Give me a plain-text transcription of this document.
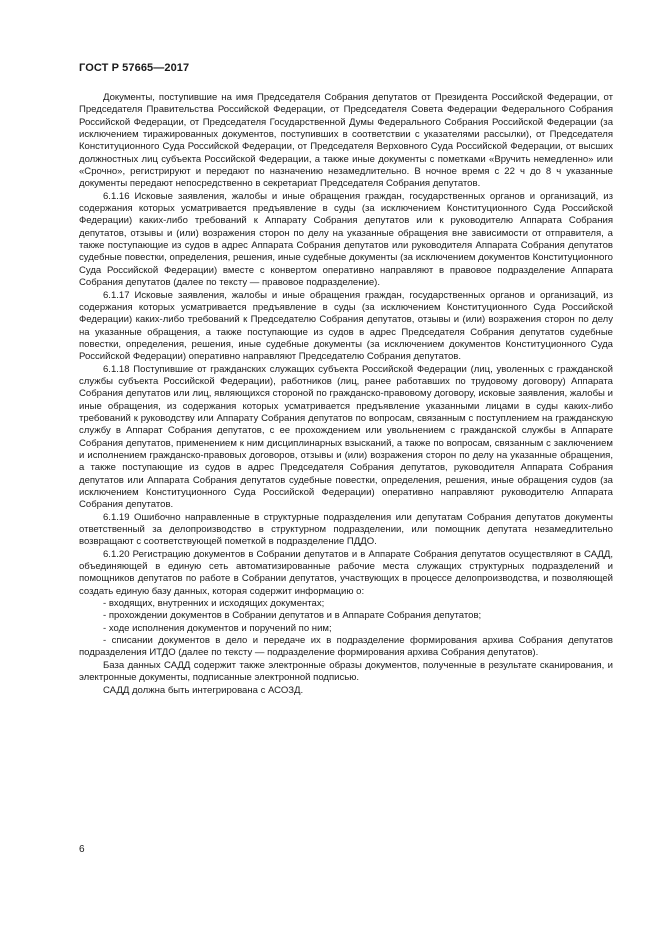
ГОСТ Р 57665—2017

Документы, поступившие на имя Председателя Собрания депутатов от Президента Российской Федерации, от Председателя Правительства Российской Федерации, от Председателя Совета Федерации Федерального Собрания Российской Федерации, от Председателя Государственной Думы Федерального Собрания Российской Федерации (за исключением тиражированных документов, поступивших в соответствии с указателями рассылки), от Председателя Конституционного Суда Российской Федерации, от Председателя Верховного Суда Российской Федерации, от высших должностных лиц субъекта Российской Федерации, а также иные документы с пометками «Вручить немедленно» или «Срочно», регистрируют и передают по назначению незамедлительно. В ночное время с 22 ч до 8 ч указанные документы передают непосредственно в секретариат Председателя Собрания депутатов.

6.1.16 Исковые заявления, жалобы и иные обращения граждан, государственных органов и организаций, из содержания которых усматривается предъявление в суды (за исключением Конституционного Суда Российской Федерации) каких-либо требований к Аппарату Собрания депутатов или к руководителю Аппарата Собрания депутатов, отзывы и (или) возражения сторон по делу на указанные обращения вне зависимости от отправителя, а также поступающие из судов в адрес Аппарата Собрания депутатов или руководителя Аппарата Собрания депутатов судебные повестки, определения, решения, иные судебные документы (за исключением документов Конституционного Суда Российской Федерации) вместе с конвертом оперативно направляют в правовое подразделение Аппарата Собрания депутатов (далее по тексту — правовое подразделение).

6.1.17 Исковые заявления, жалобы и иные обращения граждан, государственных органов и организаций, из содержания которых усматривается предъявление в суды (за исключением Конституционного Суда Российской Федерации) каких-либо требований к Председателю Собрания депутатов, отзывы и (или) возражения сторон по делу на указанные обращения, а также поступающие из судов в адрес Председателя Собрания депутатов судебные повестки, определения, решения, иные судебные документы (за исключением документов Конституционного Суда Российской Федерации) оперативно направляют Председателю Собрания депутатов.

6.1.18 Поступившие от гражданских служащих субъекта Российской Федерации (лиц, уволенных с гражданской службы субъекта Российской Федерации), работников (лиц, ранее работавших по трудовому договору) Аппарата Собрания депутатов или лиц, являющихся стороной по гражданско-правовому договору, исковые заявления, жалобы и иные обращения, из содержания которых усматривается предъявление указанными лицами в суды каких-либо требований к руководству или Аппарату Собрания депутатов по вопросам, связанным с поступлением на гражданскую службу в Аппарат Собрания депутатов, с ее прохождением или увольнением с гражданской службы в Аппарате Собрания депутатов, применением к ним дисциплинарных взысканий, а также по вопросам, связанным с заключением и исполнением гражданско-правовых договоров, отзывы и (или) возражения сторон по делу на указанные обращения, а также поступающие из судов в адрес Председателя Собрания депутатов, руководителя Аппарата Собрания депутатов или Аппарата Собрания депутатов судебные повестки, определения, решения, иные обращения судов (за исключением Конституционного Суда Российской Федерации) оперативно направляют руководителю Аппарата Собрания депутатов.

6.1.19 Ошибочно направленные в структурные подразделения или депутатам Собрания депутатов документы ответственный за делопроизводство в структурном подразделении, или помощник депутата незамедлительно возвращают с соответствующей пометкой в подразделение ПДДО.

6.1.20 Регистрацию документов в Собрании депутатов и в Аппарате Собрания депутатов осуществляют в САДД, объединяющей в единую сеть автоматизированные рабочие места служащих структурных подразделений и помощников депутатов по работе в Собрании депутатов, участвующих в процессе делопроизводства, и позволяющей создать единую базу данных, которая содержит информацию о:

- входящих, внутренних и исходящих документах;

- прохождении документов в Собрании депутатов и в Аппарате Собрания депутатов;

- ходе исполнения документов и поручений по ним;

- списании документов в дело и передаче их в подразделение формирования архива Собрания депутатов подразделения ИТДО (далее по тексту — подразделение формирования архива Собрания депутатов).

База данных САДД содержит также электронные образы документов, полученные в результате сканирования, и электронные документы, подписанные электронной подписью.

САДД должна быть интегрирована с АСОЗД.

6
